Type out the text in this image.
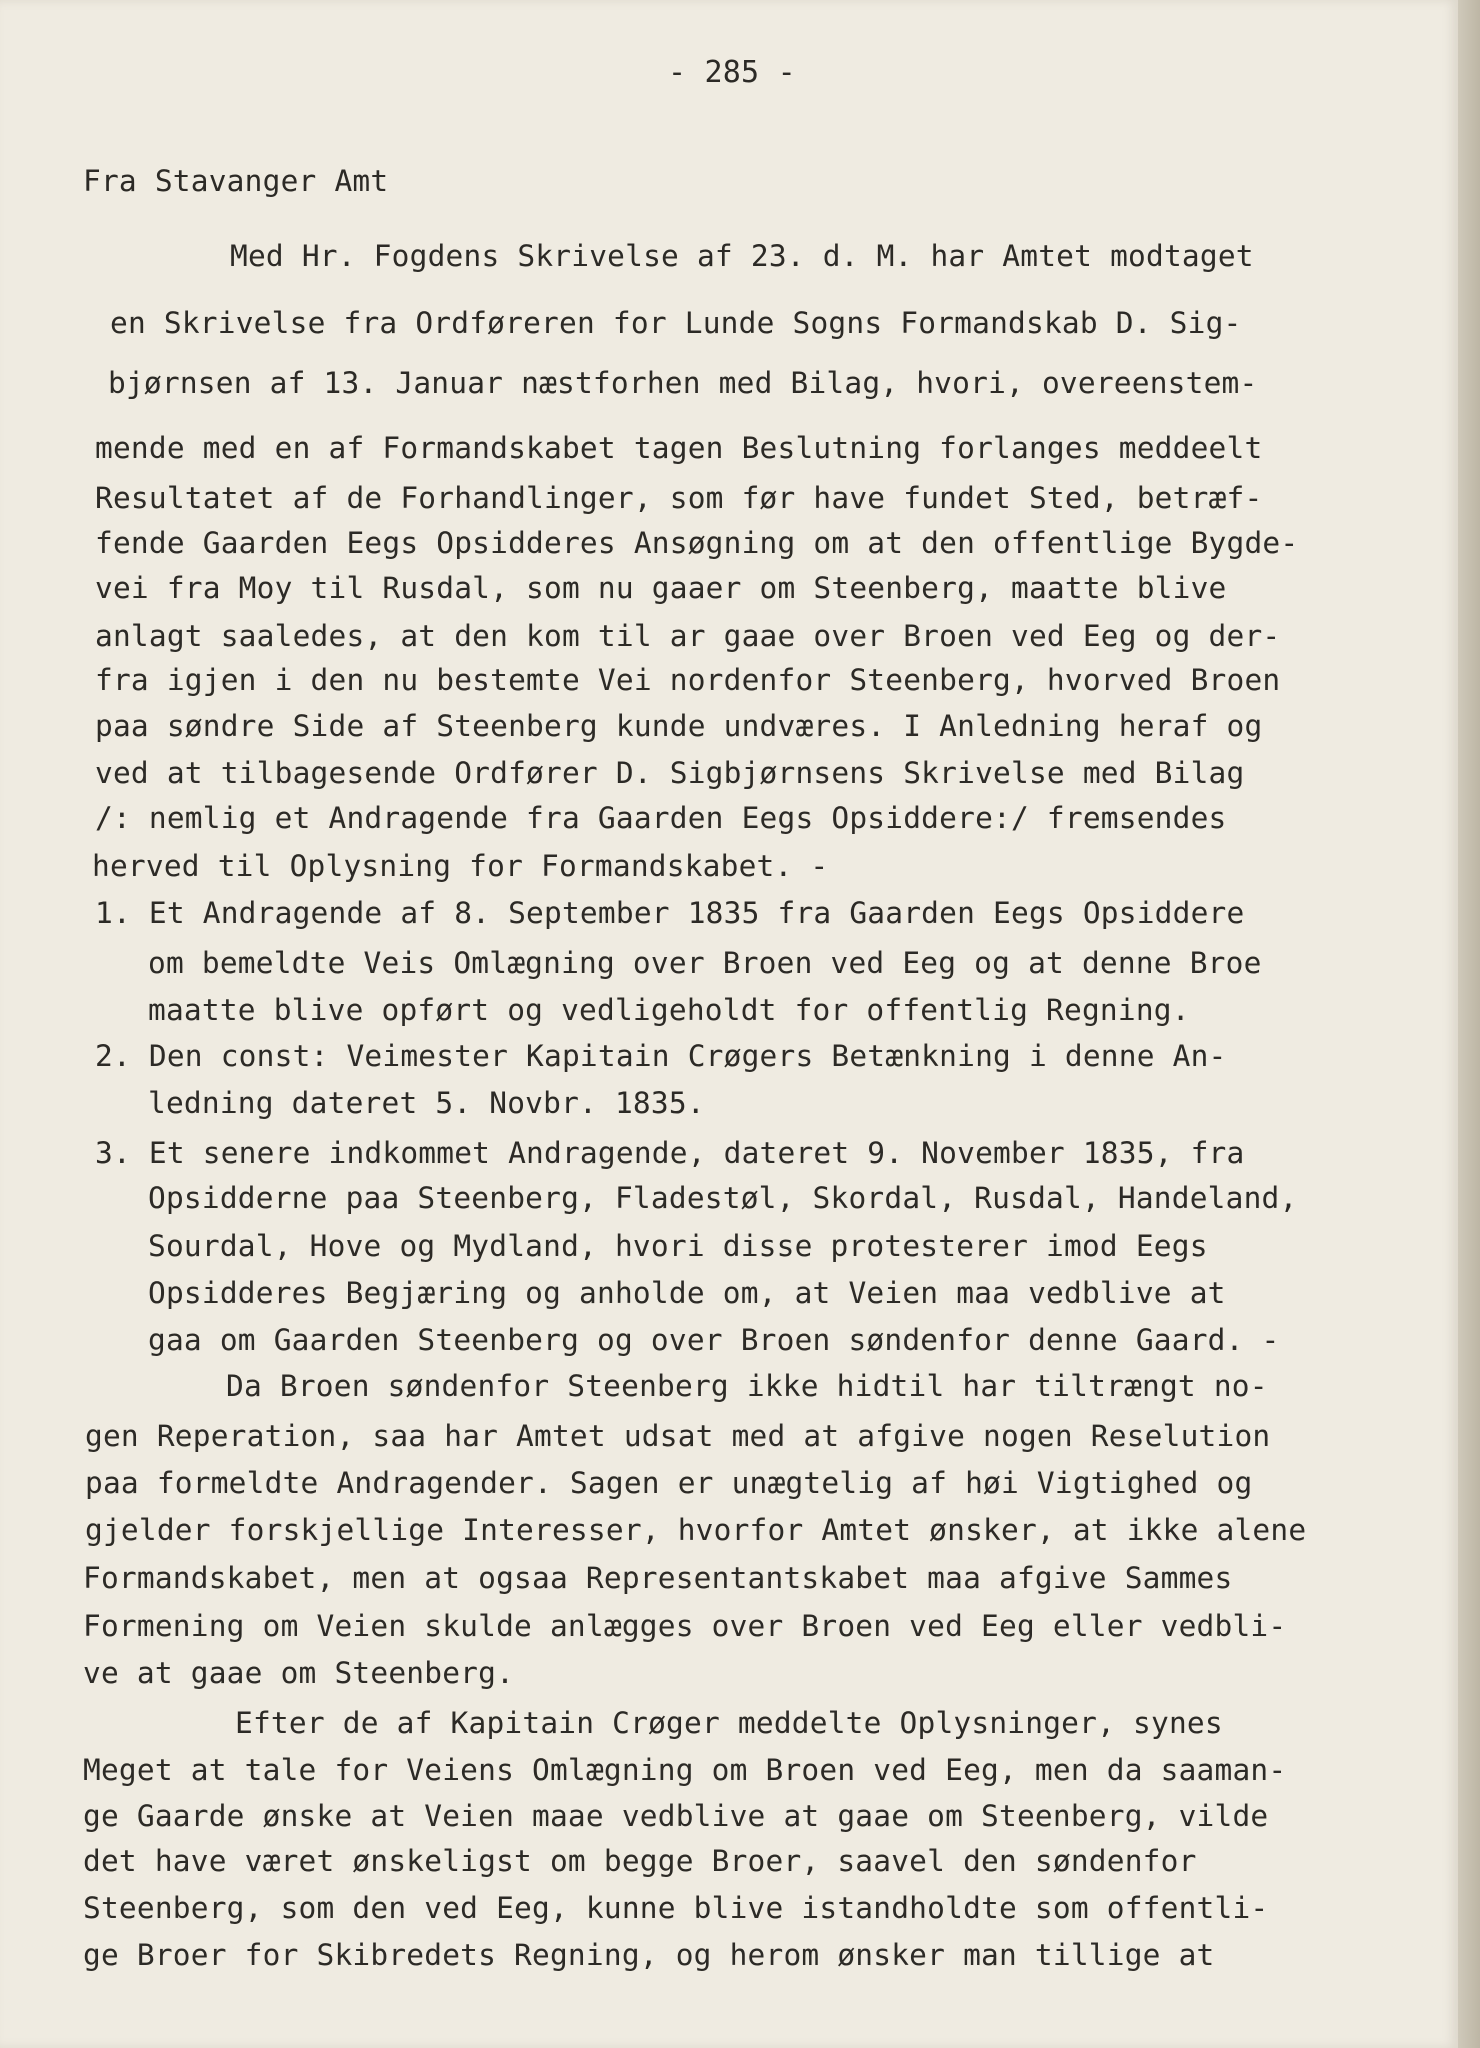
- 285 -
Fra Stavanger Amt
Med Hr. Fogdens Skrivelse af 23. d. M. har Amtet modtaget
en Skrivelse fra Ordføreren for Lunde Sogns Formandskab D. Sig-
bjørnsen af 13. Januar næstforhen med Bilag, hvori, overeenstem-
mende med en af Formandskabet tagen Beslutning forlanges meddeelt
Resultatet af de Forhandlinger, som før have fundet Sted, betræf-
fende Gaarden Eegs Opsidderes Ansøgning om at den offentlige Bygde-
vei fra Moy til Rusdal, som nu gaaer om Steenberg, maatte blive
anlagt saaledes, at den kom til ar gaae over Broen ved Eeg og der-
fra igjen i den nu bestemte Vei nordenfor Steenberg, hvorved Broen
paa søndre Side af Steenberg kunde undværes. I Anledning heraf og
ved at tilbagesende Ordfører D. Sigbjørnsens Skrivelse med Bilag
/: nemlig et Andragende fra Gaarden Eegs Opsiddere:/ fremsendes
herved til Oplysning for Formandskabet. -
1. Et Andragende af 8. September 1835 fra Gaarden Eegs Opsiddere
om bemeldte Veis Omlægning over Broen ved Eeg og at denne Broe
maatte blive opført og vedligeholdt for offentlig Regning.
2. Den const: Veimester Kapitain Crøgers Betænkning i denne An-
ledning dateret 5. Novbr. 1835.
3. Et senere indkommet Andragende, dateret 9. November 1835, fra
Opsidderne paa Steenberg, Fladestøl, Skordal, Rusdal, Handeland,
Sourdal, Hove og Mydland, hvori disse protesterer imod Eegs
Opsidderes Begjæring og anholde om, at Veien maa vedblive at
gaa om Gaarden Steenberg og over Broen søndenfor denne Gaard. -
Da Broen søndenfor Steenberg ikke hidtil har tiltrængt no-
gen Reperation, saa har Amtet udsat med at afgive nogen Reselution
paa formeldte Andragender. Sagen er unægtelig af høi Vigtighed og
gjelder forskjellige Interesser, hvorfor Amtet ønsker, at ikke alene
Formandskabet, men at ogsaa Representantskabet maa afgive Sammes
Formening om Veien skulde anlægges over Broen ved Eeg eller vedbli-
ve at gaae om Steenberg.
Efter de af Kapitain Crøger meddelte Oplysninger, synes
Meget at tale for Veiens Omlægning om Broen ved Eeg, men da saaman-
ge Gaarde ønske at Veien maae vedblive at gaae om Steenberg, vilde
det have været ønskeligst om begge Broer, saavel den søndenfor
Steenberg, som den ved Eeg, kunne blive istandholdte som offentli-
ge Broer for Skibredets Regning, og herom ønsker man tillige at
